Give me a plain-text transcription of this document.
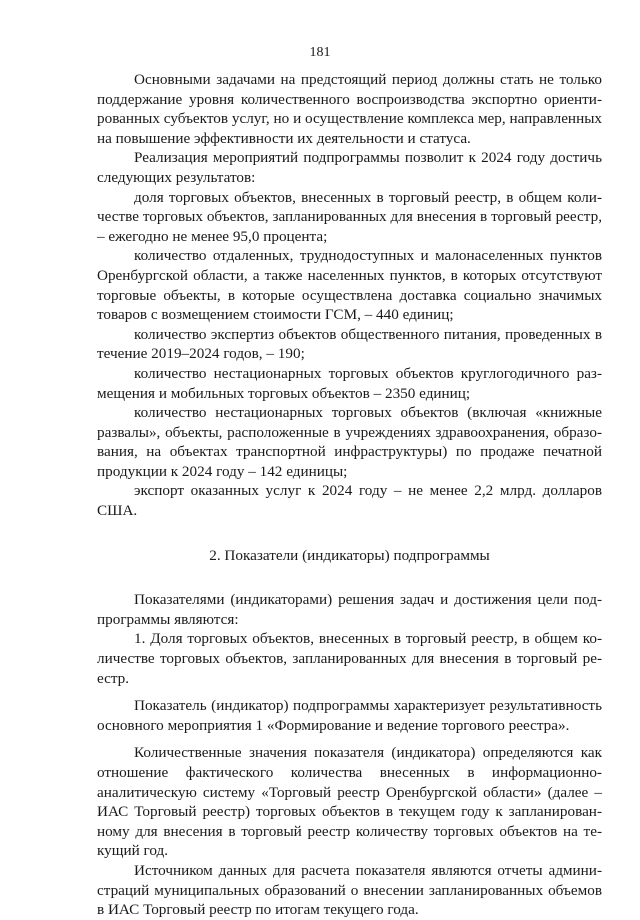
181

Основными задачами на предстоящий период должны стать не только поддержание уровня количественного воспроизводства экспортно ориентированных субъектов услуг, но и осуществление комплекса мер, направленных на повышение эффективности их деятельности и статуса.

Реализация мероприятий подпрограммы позволит к 2024 году достичь следующих результатов:

доля торговых объектов, внесенных в торговый реестр, в общем количестве торговых объектов, запланированных для внесения в торговый реестр, – ежегодно не менее 95,0 процента;

количество отдаленных, труднодоступных и малонаселенных пунктов Оренбургской области, а также населенных пунктов, в которых отсутствуют торговые объекты, в которые осуществлена доставка социально значимых товаров с возмещением стоимости ГСМ, – 440 единиц;

количество экспертиз объектов общественного питания, проведенных в течение 2019–2024 годов, – 190;

количество нестационарных торговых объектов круглогодичного размещения и мобильных торговых объектов – 2350 единиц;

количество нестационарных торговых объектов (включая «книжные развалы», объекты, расположенные в учреждениях здравоохранения, образования, на объектах транспортной инфраструктуры) по продаже печатной продукции к 2024 году – 142 единицы;

экспорт оказанных услуг к 2024 году – не менее 2,2 млрд. долларов США.

2. Показатели (индикаторы) подпрограммы

Показателями (индикаторами) решения задач и достижения цели подпрограммы являются:

1. Доля торговых объектов, внесенных в торговый реестр, в общем количестве торговых объектов, запланированных для внесения в торговый реестр.

Показатель (индикатор) подпрограммы характеризует результативность основного мероприятия 1 «Формирование и ведение торгового реестра».

Количественные значения показателя (индикатора) определяются как отношение фактического количества внесенных в информационно-аналитическую систему «Торговый реестр Оренбургской области» (далее – ИАС Торговый реестр) торговых объектов в текущем году к запланированному для внесения в торговый реестр количеству торговых объектов на текущий год.

Источником данных для расчета показателя являются отчеты администраций муниципальных образований о внесении запланированных объемов в ИАС Торговый реестр по итогам текущего года.
